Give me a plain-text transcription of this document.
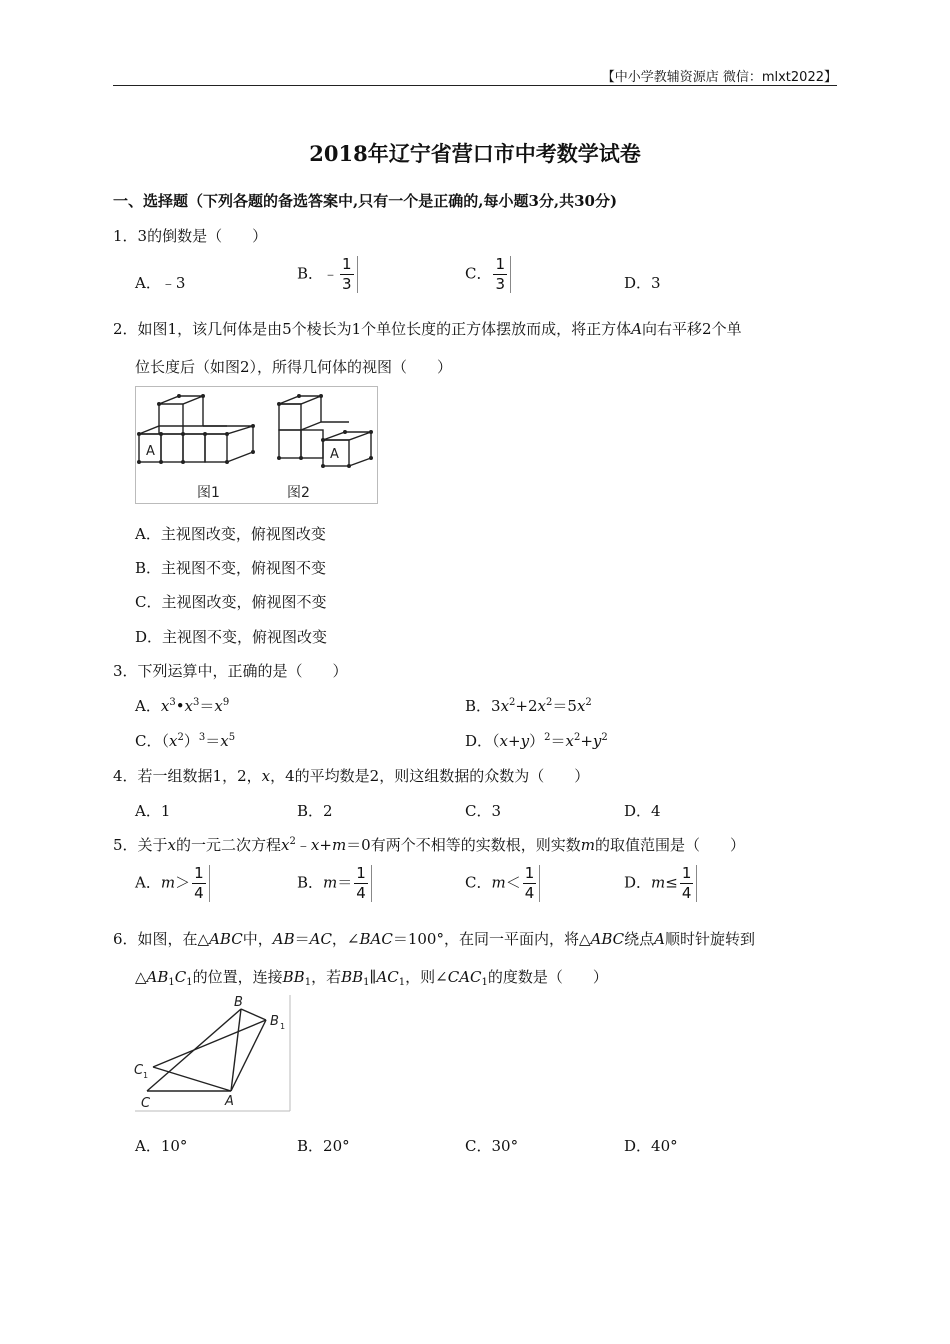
【中小学教辅资源店 微信：mlxt2022】
2018年辽宁省营口市中考数学试卷
一、选择题（下列各题的备选答案中,只有一个是正确的,每小题3分,共30分)
1．3的倒数是（　　）
A．﹣3
B．﹣ $\frac{1}{3}$	C． $\frac{1}{3}$	D．3
2．如图1，该几何体是由5个棱长为1个单位长度的正方体摆放而成，将正方体A向右平移2个单
位长度后（如图2），所得几何体的视图（　　）
A	A
图1	图2
A．主视图改变，俯视图改变
B．主视图不变，俯视图不变
C．主视图改变，俯视图不变
D．主视图不变，俯视图改变
3．下列运算中，正确的是（　　）
A．$x^3•x^3=x^9$	B．$3x^2+2x^2=5x^2$
C．$(x^2)^3=x^5$	D．$(x+y)^2=x^2+y^2$
4．若一组数据1，2，x，4的平均数是2，则这组数据的众数为（　　）
A．1	B．2	C．3	D．4
5．关于x的一元二次方程$x^2﹣x+m=0$有两个不相等的实数根，则实数m的取值范围是（　　）
A．$m> \frac{1}{4}$	B．$m= \frac{1}{4}$	C．$m< \frac{1}{4}$	D．$m\le \frac{1}{4}$
6．如图，在△ABC中，AB＝AC，∠BAC＝100°，在同一平面内，将△ABC绕点A顺时针旋转到
$\triangle AB_1C_1$的位置，连接$BB_1$，若$BB_1\parallel AC_1$，则$\angle CAC_1$的度数是（　　）
B
B 1
C 1
C	A
A．10°	B．20°	C．30°	D．40°
